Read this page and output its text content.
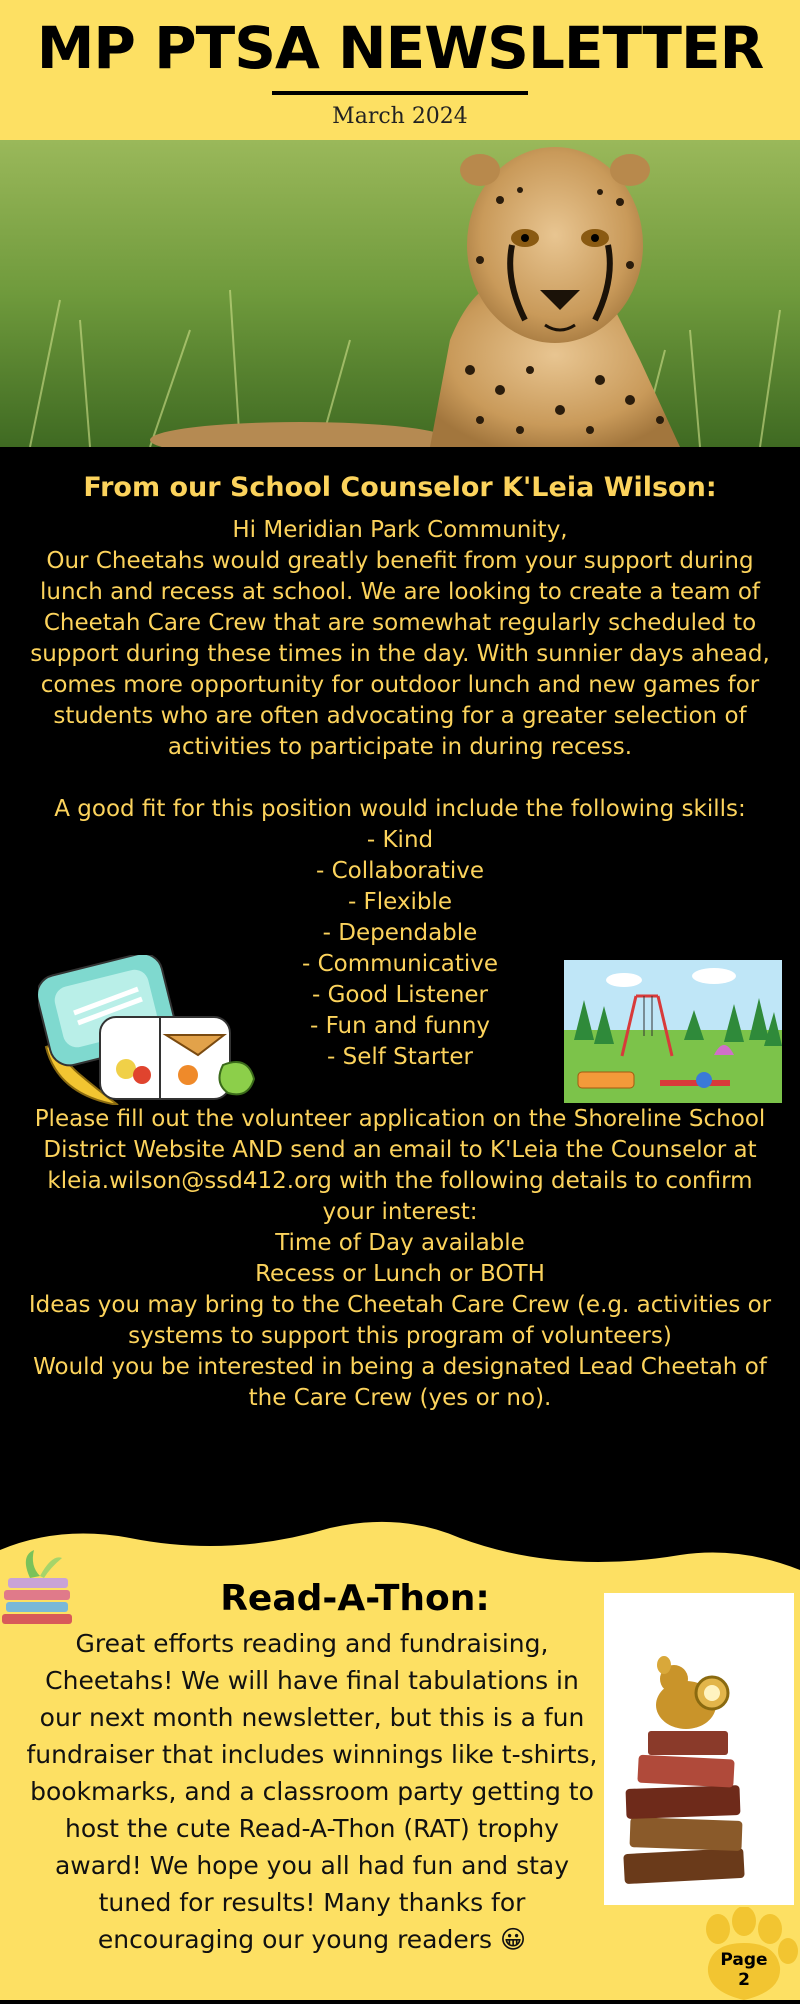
MP PTSA NEWSLETTER
March 2024
From our School Counselor K'Leia Wilson:

Hi Meridian Park Community,

Our Cheetahs would greatly benefit from your support during lunch and recess at school. We are looking to create a team of Cheetah Care Crew that are somewhat regularly scheduled to support during these times in the day. With sunnier days ahead, comes more opportunity for outdoor lunch and new games for students who are often advocating for a greater selection of activities to participate in during recess.

A good fit for this position would include the following skills:

- Kind

- Collaborative

- Flexible

- Dependable

- Communicative

- Good Listener

- Fun and funny

- Self Starter

Please fill out the volunteer application on the Shoreline School District Website AND send an email to K'Leia the Counselor at kleia.wilson@ssd412.org with the following details to confirm your interest:

Time of Day available

Recess or Lunch or BOTH

Ideas you may bring to the Cheetah Care Crew (e.g. activities or systems to support this program of volunteers)

Would you be interested in being a designated Lead Cheetah of the Care Crew (yes or no).

Read-A-Thon:
Great efforts reading and fundraising, Cheetahs! We will have final tabulations in our next month newsletter, but this is a fun fundraiser that includes winnings like t-shirts, bookmarks, and a classroom party getting to host the cute Read-A-Thon (RAT) trophy award! We hope you all had fun and stay tuned for results! Many thanks for encouraging our young readers 😀
Page
2
